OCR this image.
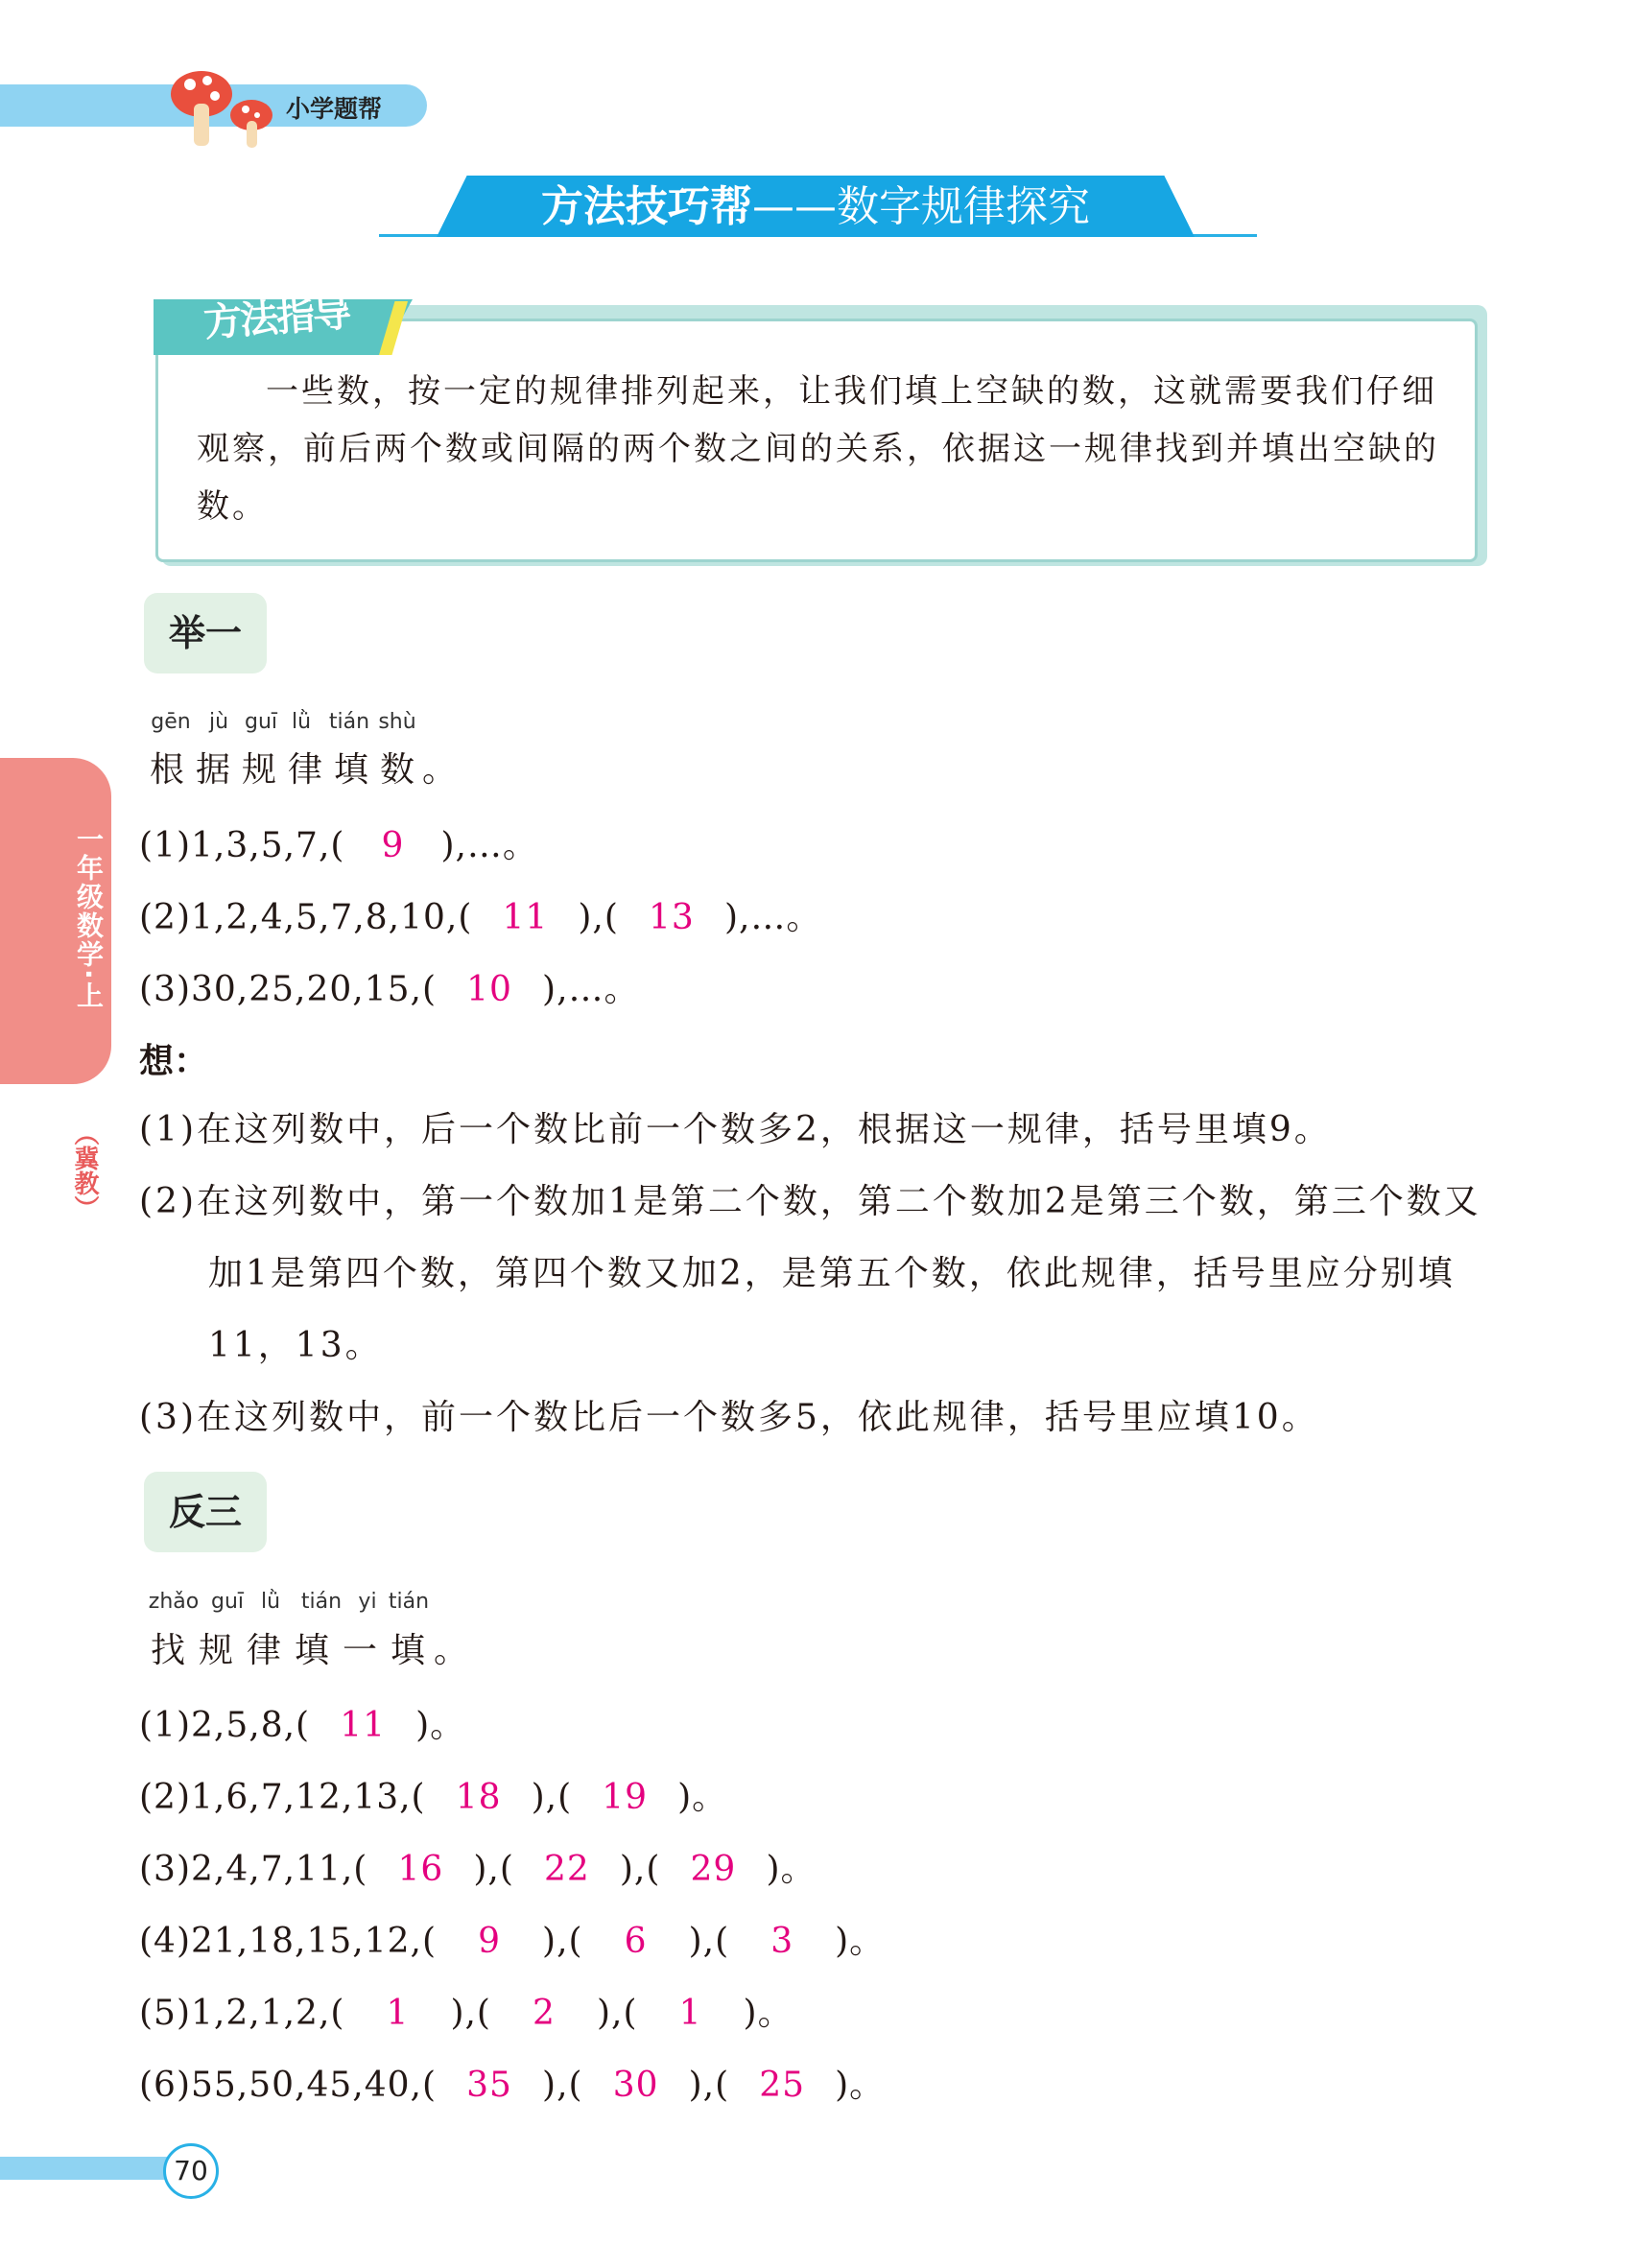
小学题帮
方法技巧帮——数字规律探究
方法指导
一些数，按一定的规律排列起来，让我们填上空缺的数，这就需要我们仔细观察，前后两个数或间隔的两个数之间的关系，依据这一规律找到并填出空缺的数。
一年级数学·上
（冀教）
举一
gēn jù guī lǜ tián shù
根 据 规 律 填 数 。
(1)1,3,5,7,( 9 ),…。
(2)1,2,4,5,7,8,10,( 11 ),( 13 ),…。
(3)30,25,20,15,( 10 ),…。
想：
(1)在这列数中，后一个数比前一个数多2，根据这一规律，括号里填9。
(2)在这列数中，第一个数加1是第二个数，第二个数加2是第三个数，第三个数又加1是第四个数，第四个数又加2，是第五个数，依此规律，括号里应分别填11，13。
(3)在这列数中，前一个数比后一个数多5，依此规律，括号里应填10。
反三
zhǎo guī lǜ tián yi tián
找 规 律 填 一 填 。
(1)2,5,8,( 11 )。
(2)1,6,7,12,13,( 18 ),( 19 )。
(3)2,4,7,11,( 16 ),( 22 ),( 29 )。
(4)21,18,15,12,( 9 ),( 6 ),( 3 )。
(5)1,2,1,2,( 1 ),( 2 ),( 1 )。
(6)55,50,45,40,( 35 ),( 30 ),( 25 )。
70
